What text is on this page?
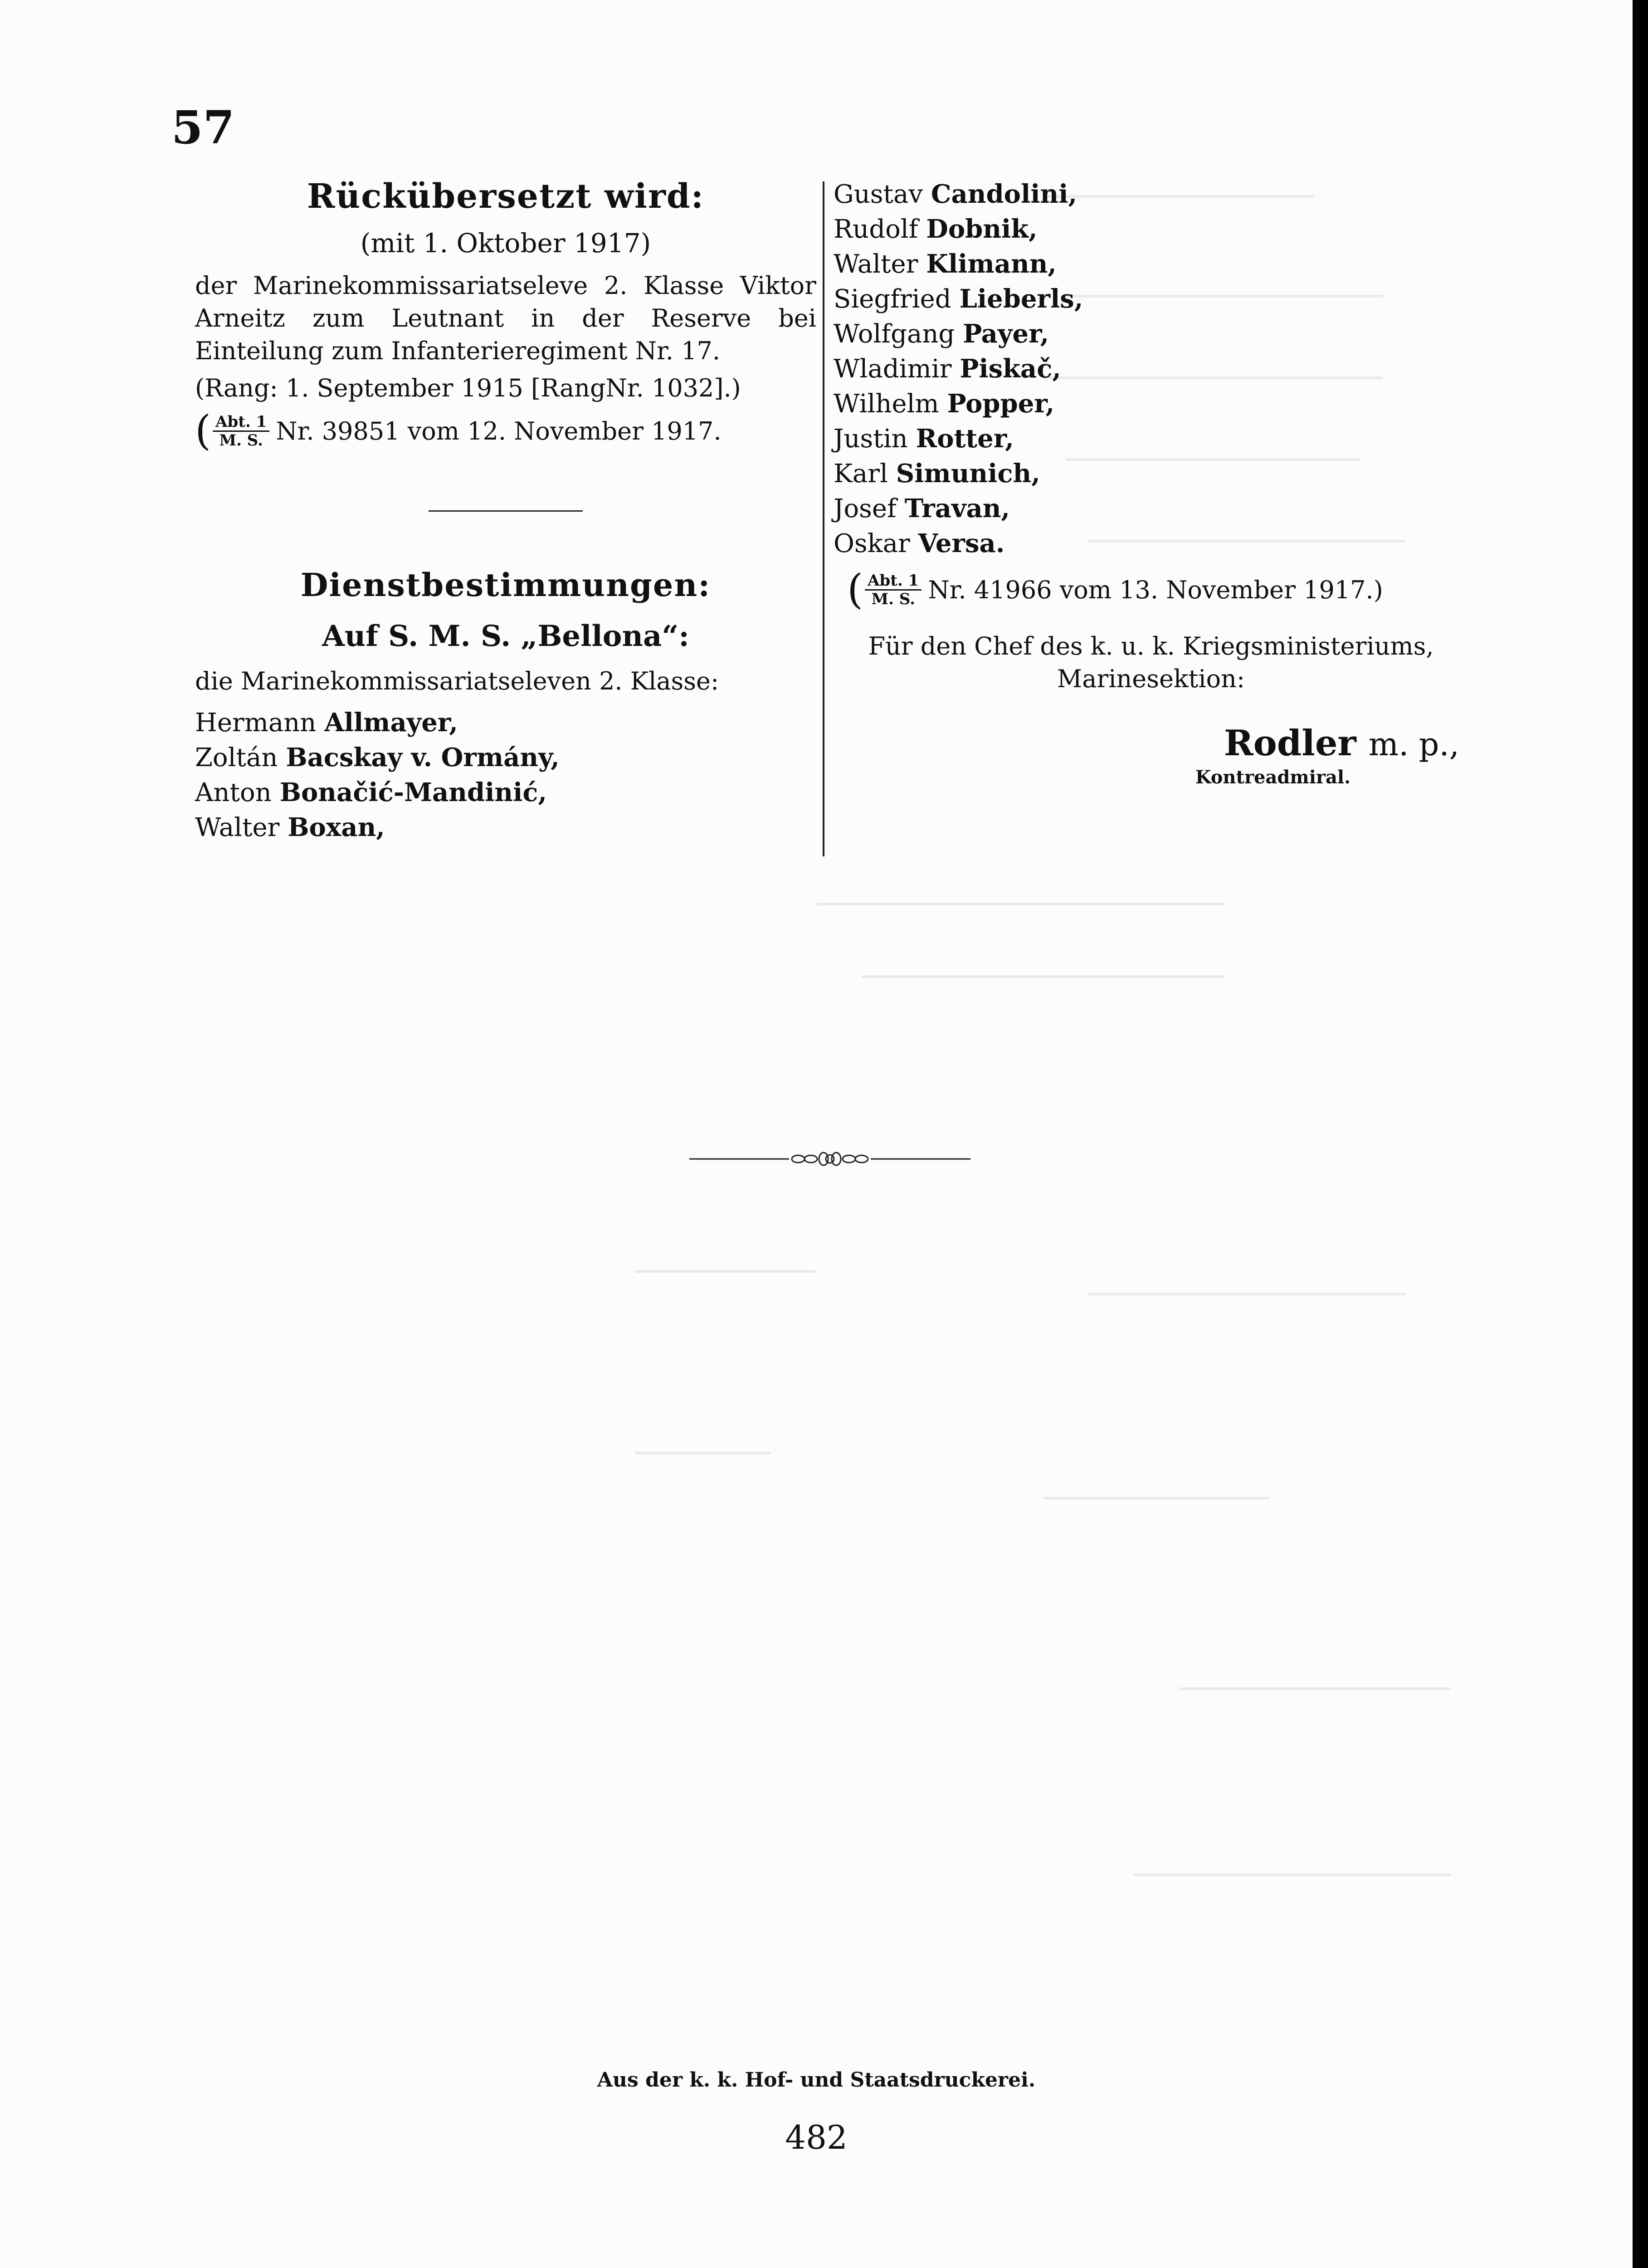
57
Rückübersetzt wird:
(mit 1. Oktober 1917)
der Marinekommissariatseleve 2. Klasse Viktor Arneitz zum Leutnant in der Reserve bei Einteilung zum Infanterieregiment Nr. 17.
(Rang: 1. September 1915 [RangNr. 1032].)
( $\frac{\text{Abt. 1}}{M. S.} Nr$. 39851 vom 12. November 1917.
Dienstbestimmungen:
Auf S. M. S. „Bellona“:
die Marinekommissariatseleven 2. Klasse:
Hermann Allmayer,
Zoltán Bacskay v. Ormány,
Anton Bonačić-Mandinić,
Walter Boxan,
Gustav Candolini,
Rudolf Dobnik,
Walter Klimann,
Siegfried Lieberls,
Wolfgang Payer,
Wladimir Piskač,
Wilhelm Popper,
Justin Rotter,
Karl Simunich,
Josef Travan,
Oskar Versa.
( $\frac{\text{Abt. 1}}{M. S.} Nr$. 41966 vom 13. November 1917.)
Für den Chef des k. u. k. Kriegsministeriums,
Marinesektion:
Rodler m. p.,
Kontreadmiral.
Aus der k. k. Hof- und Staatsdruckerei.
482
